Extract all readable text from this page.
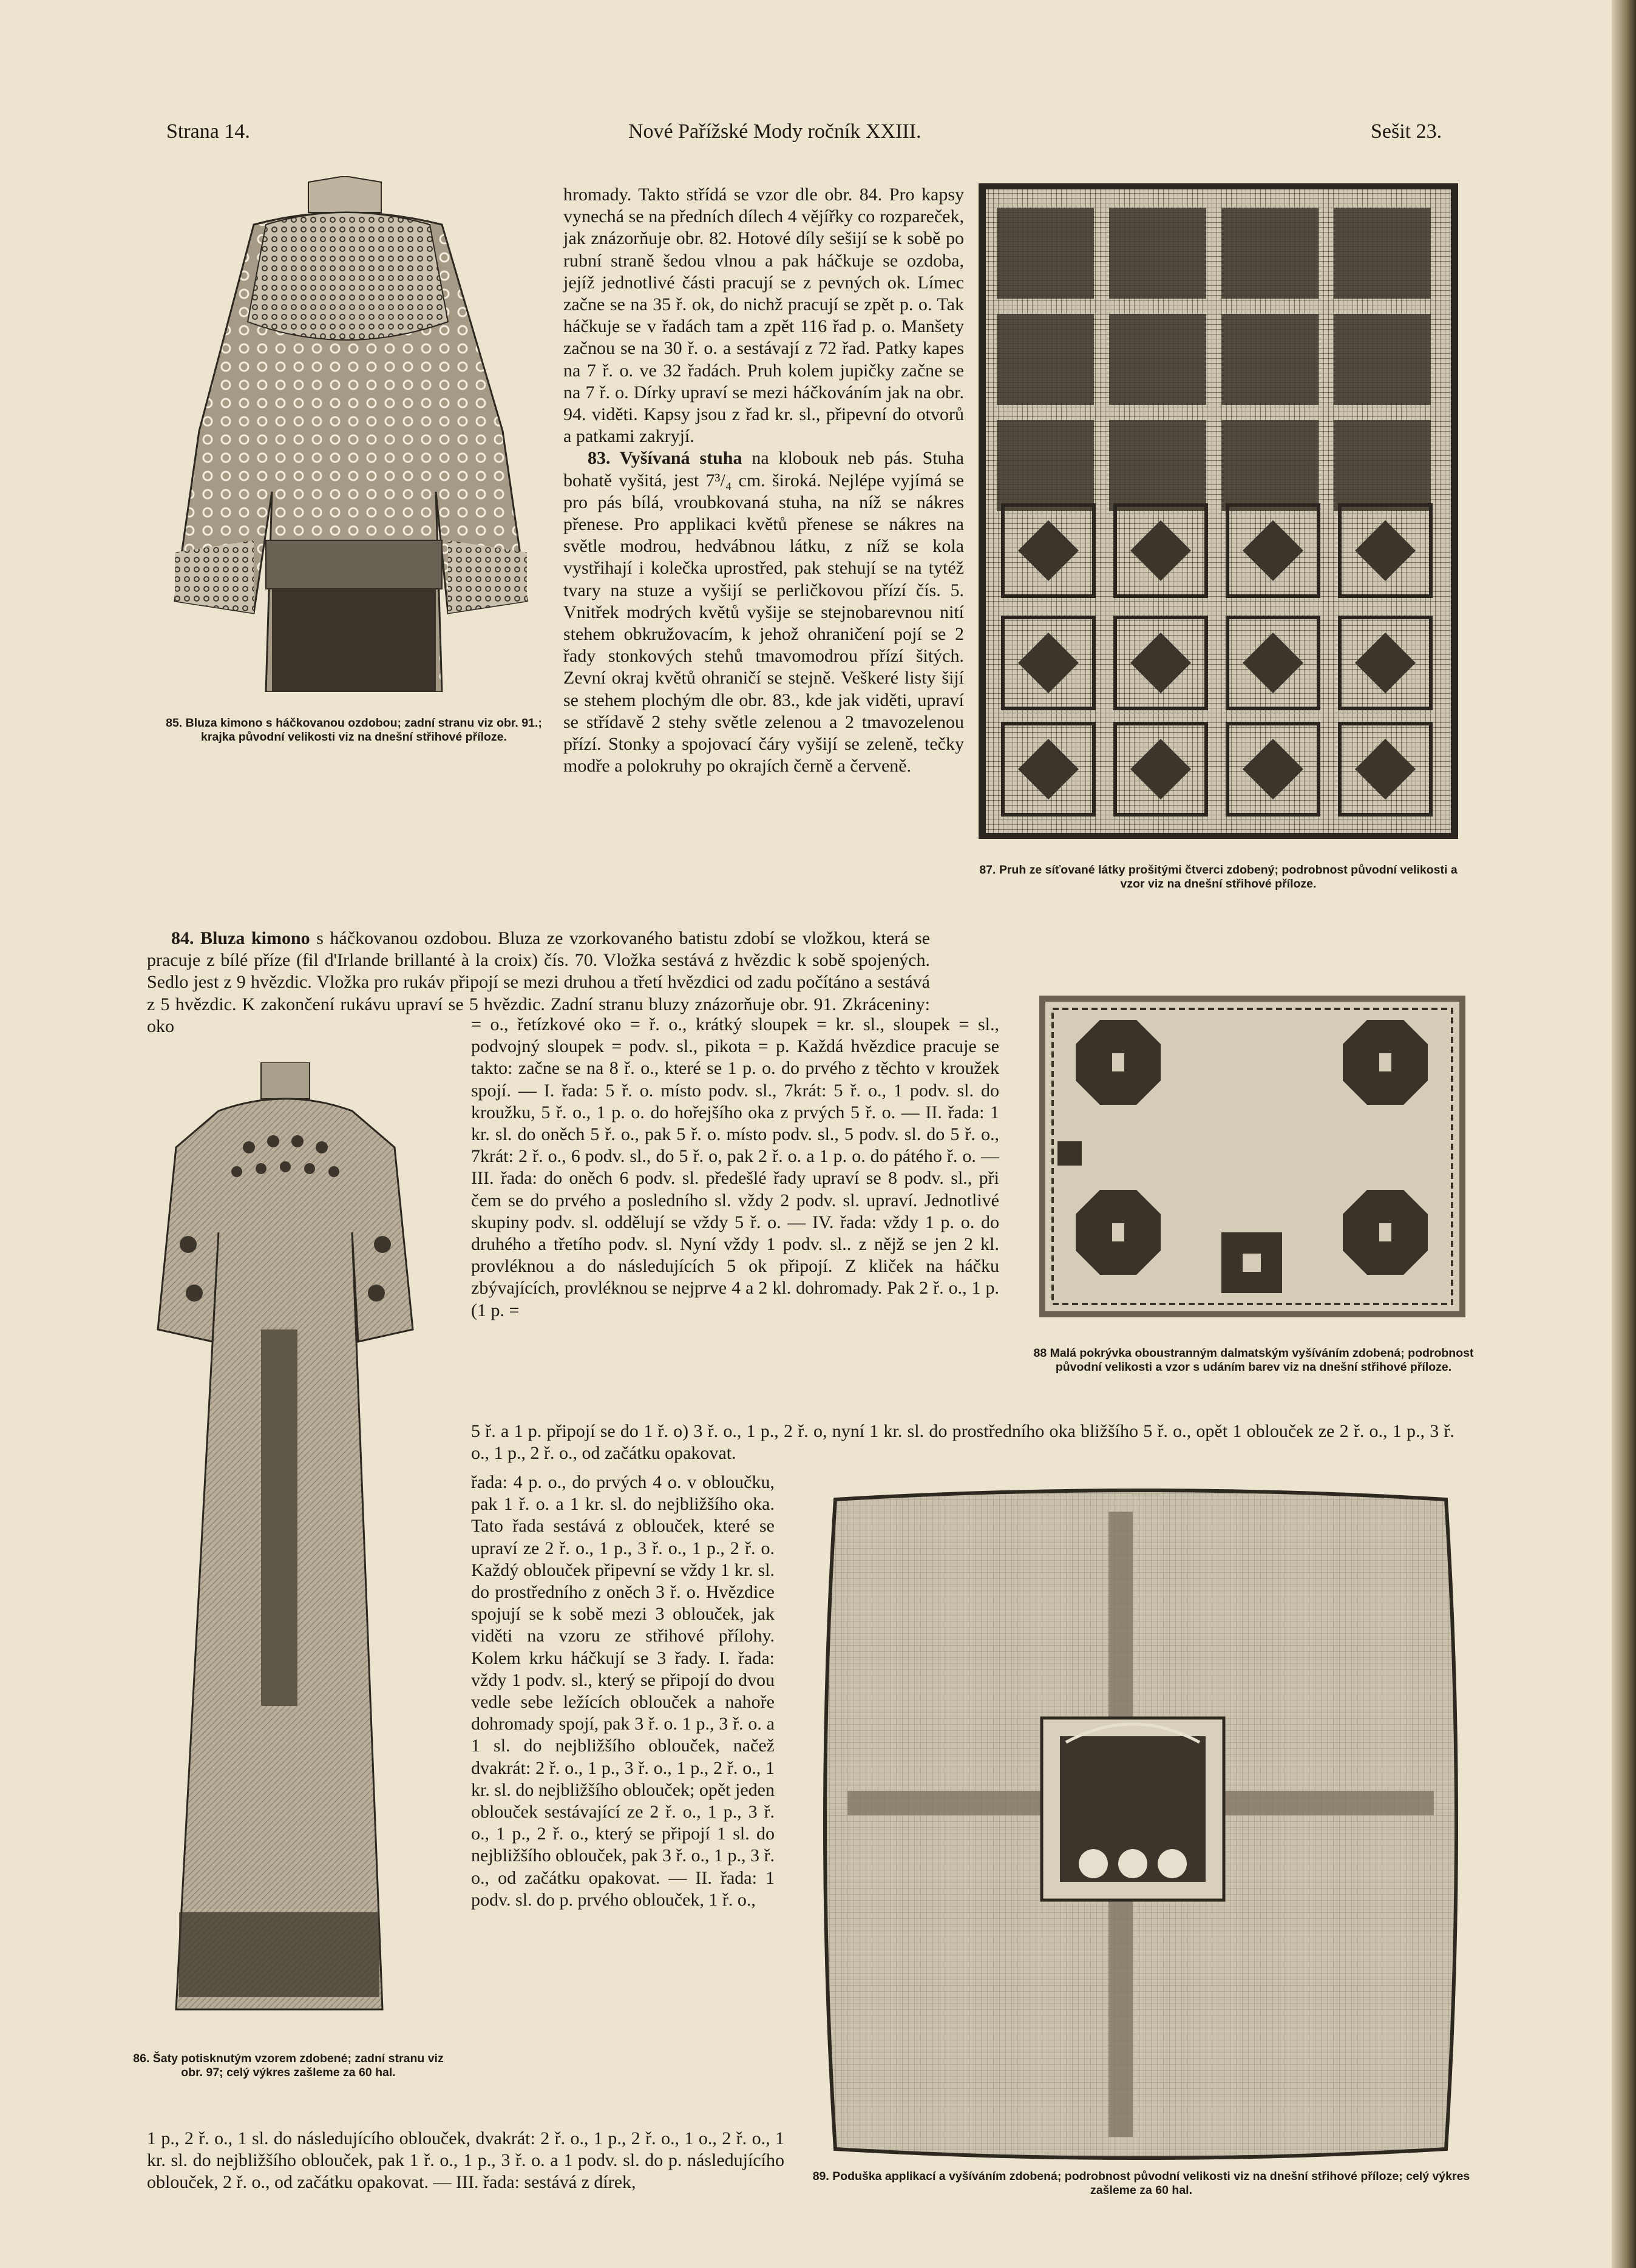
Strana 14.	Nové Pařížské Mody ročník XXIII.	Sešit 23.
85. Bluza kimono s háčkovanou ozdobou; zadní stranu viz obr. 91.; krajka původní velikosti viz na dnešní střihové příloze.
87. Pruh ze síťované látky prošitými čtverci zdobený; podrobnost původní velikosti a vzor viz na dnešní střihové příloze.

hromady. Takto střídá se vzor dle obr. 84. Pro kapsy vynechá se na předních dílech 4 vějířky co rozpareček, jak znázorňuje obr. 82. Hotové díly sešijí se k sobě po rubní straně šedou vlnou a pak háčkuje se ozdoba, jejíž jednotlivé části pracují se z pevných ok. Límec začne se na 35 ř. ok, do nichž pracují se zpět p. o. Tak háčkuje se v řadách tam a zpět 116 řad p. o. Manšety začnou se na 30 ř. o. a sestávají z 72 řad. Patky kapes na 7 ř. o. ve 32 řadách. Pruh kolem jupičky začne se na 7 ř. o. Dírky upraví se mezi háčkováním jak na obr. 94. viděti. Kapsy jsou z řad kr. sl., připevní do otvorů a patkami zakryjí.

83. Vyšívaná stuha na klobouk neb pás. Stuha bohatě vyšitá, jest 7³/₄ cm. široká. Nejlépe vyjímá se pro pás bílá, vroubkovaná stuha, na níž se nákres přenese. Pro applikaci květů přenese se nákres na světle modrou, hedvábnou látku, z níž se kola vystřihají i kolečka uprostřed, pak stehují se na tytéž tvary na stuze a vyšijí se perličkovou přízí čís. 5. Vnitřek modrých květů vyšije se stejnobarevnou nití stehem obkružovacím, k jehož ohraničení pojí se 2 řady stonkových stehů tmavomodrou přízí šitých. Zevní okraj květů ohraničí se stejně. Veškeré listy šijí se stehem plochým dle obr. 83., kde jak viděti, upraví se střídavě 2 stehy světle zelenou a 2 tmavozelenou přízí. Stonky a spojovací čáry vyšijí se zeleně, tečky modře a polokruhy po okrajích černě a červeně.

84. Bluza kimono s háčkovanou ozdobou. Bluza ze vzorkovaného batistu zdobí se vložkou, která se pracuje z bílé příze (fil d'Irlande brillanté à la croix) čís. 70. Vložka sestává z hvězdic k sobě spojených. Sedlo jest z 9 hvězdic. Vložka pro rukáv připojí se mezi druhou a třetí hvězdici od zadu počítáno a sestává z 5 hvězdic. K zakončení rukávu upraví se 5 hvězdic. Zadní stranu bluzy znázorňuje obr. 91. Zkráceniny: oko

88 Malá pokrývka oboustranným dalmatským vyšíváním zdobená; podrobnost původní velikosti a vzor s udáním barev viz na dnešní střihové příloze.
86. Šaty potisknutým vzorem zdobené; zadní stranu viz obr. 97; celý výkres zašleme za 60 hal.

= o., řetízkové oko = ř. o., krátký sloupek = kr. sl., sloupek = sl., podvojný sloupek = podv. sl., pikota = p. Každá hvězdice pracuje se takto: začne se na 8 ř. o., které se 1 p. o. do prvého z těchto v kroužek spojí. — I. řada: 5 ř. o. místo podv. sl., 7krát: 5 ř. o., 1 podv. sl. do kroužku, 5 ř. o., 1 p. o. do hořejšího oka z prvých 5 ř. o. — II. řada: 1 kr. sl. do oněch 5 ř. o., pak 5 ř. o. místo podv. sl., 5 podv. sl. do 5 ř. o., 7krát: 2 ř. o., 6 podv. sl., do 5 ř. o, pak 2 ř. o. a 1 p. o. do pátého ř. o. — III. řada: do oněch 6 podv. sl. předešlé řady upraví se 8 podv. sl., při čem se do prvého a posledního sl. vždy 2 podv. sl. upraví. Jednotlivé skupiny podv. sl. oddělují se vždy 5 ř. o. — IV. řada: vždy 1 p. o. do druhého a třetího podv. sl. Nyní vždy 1 podv. sl.. z nějž se jen 2 kl. provléknou a do následujících 5 ok připojí. Z kliček na háčku zbývajících, provléknou se nejprve 4 a 2 kl. dohromady. Pak 2 ř. o., 1 p. (1 p. =

5 ř. a 1 p. připojí se do 1 ř. o) 3 ř. o., 1 p., 2 ř. o, nyní 1 kr. sl. do prostředního oka bližšího 5 ř. o., opět 1 oblouček ze 2 ř. o., 1 p., 3 ř. o., 1 p., 2 ř. o., od začátku opakovat.

řada: 4 p. o., do prvých 4 o. v obloučku, pak 1 ř. o. a 1 kr. sl. do nejbližšího oka. Tato řada sestává z oblouček, které se upraví ze 2 ř. o., 1 p., 3 ř. o., 1 p., 2 ř. o. Každý oblouček připevní se vždy 1 kr. sl. do prostředního z oněch 3 ř. o. Hvězdice spojují se k sobě mezi 3 oblouček, jak viděti na vzoru ze střihové přílohy. Kolem krku háčkují se 3 řady. I. řada: vždy 1 podv. sl., který se připojí do dvou vedle sebe ležících oblouček a nahoře dohromady spojí, pak 3 ř. o. 1 p., 3 ř. o. a 1 sl. do nejbližšího oblouček, načež dvakrát: 2 ř. o., 1 p., 3 ř. o., 1 p., 2 ř. o., 1 kr. sl. do nejbližšího oblouček; opět jeden oblouček sestávající ze 2 ř. o., 1 p., 3 ř. o., 1 p., 2 ř. o., který se připojí 1 sl. do nejbližšího oblouček, pak 3 ř. o., 1 p., 3 ř. o., od začátku opakovat. — II. řada: 1 podv. sl. do p. prvého oblouček, 1 ř. o.,

89. Poduška applikací a vyšíváním zdobená; podrobnost původní velikosti viz na dnešní střihové příloze; celý výkres zašleme za 60 hal.

1 p., 2 ř. o., 1 sl. do následujícího oblouček, dvakrát: 2 ř. o., 1 p., 2 ř. o., 1 o., 2 ř. o., 1 kr. sl. do nejbližšího oblouček, pak 1 ř. o., 1 p., 3 ř. o. a 1 podv. sl. do p. následujícího oblouček, 2 ř. o., od začátku opakovat. — III. řada: sestává z dírek,
